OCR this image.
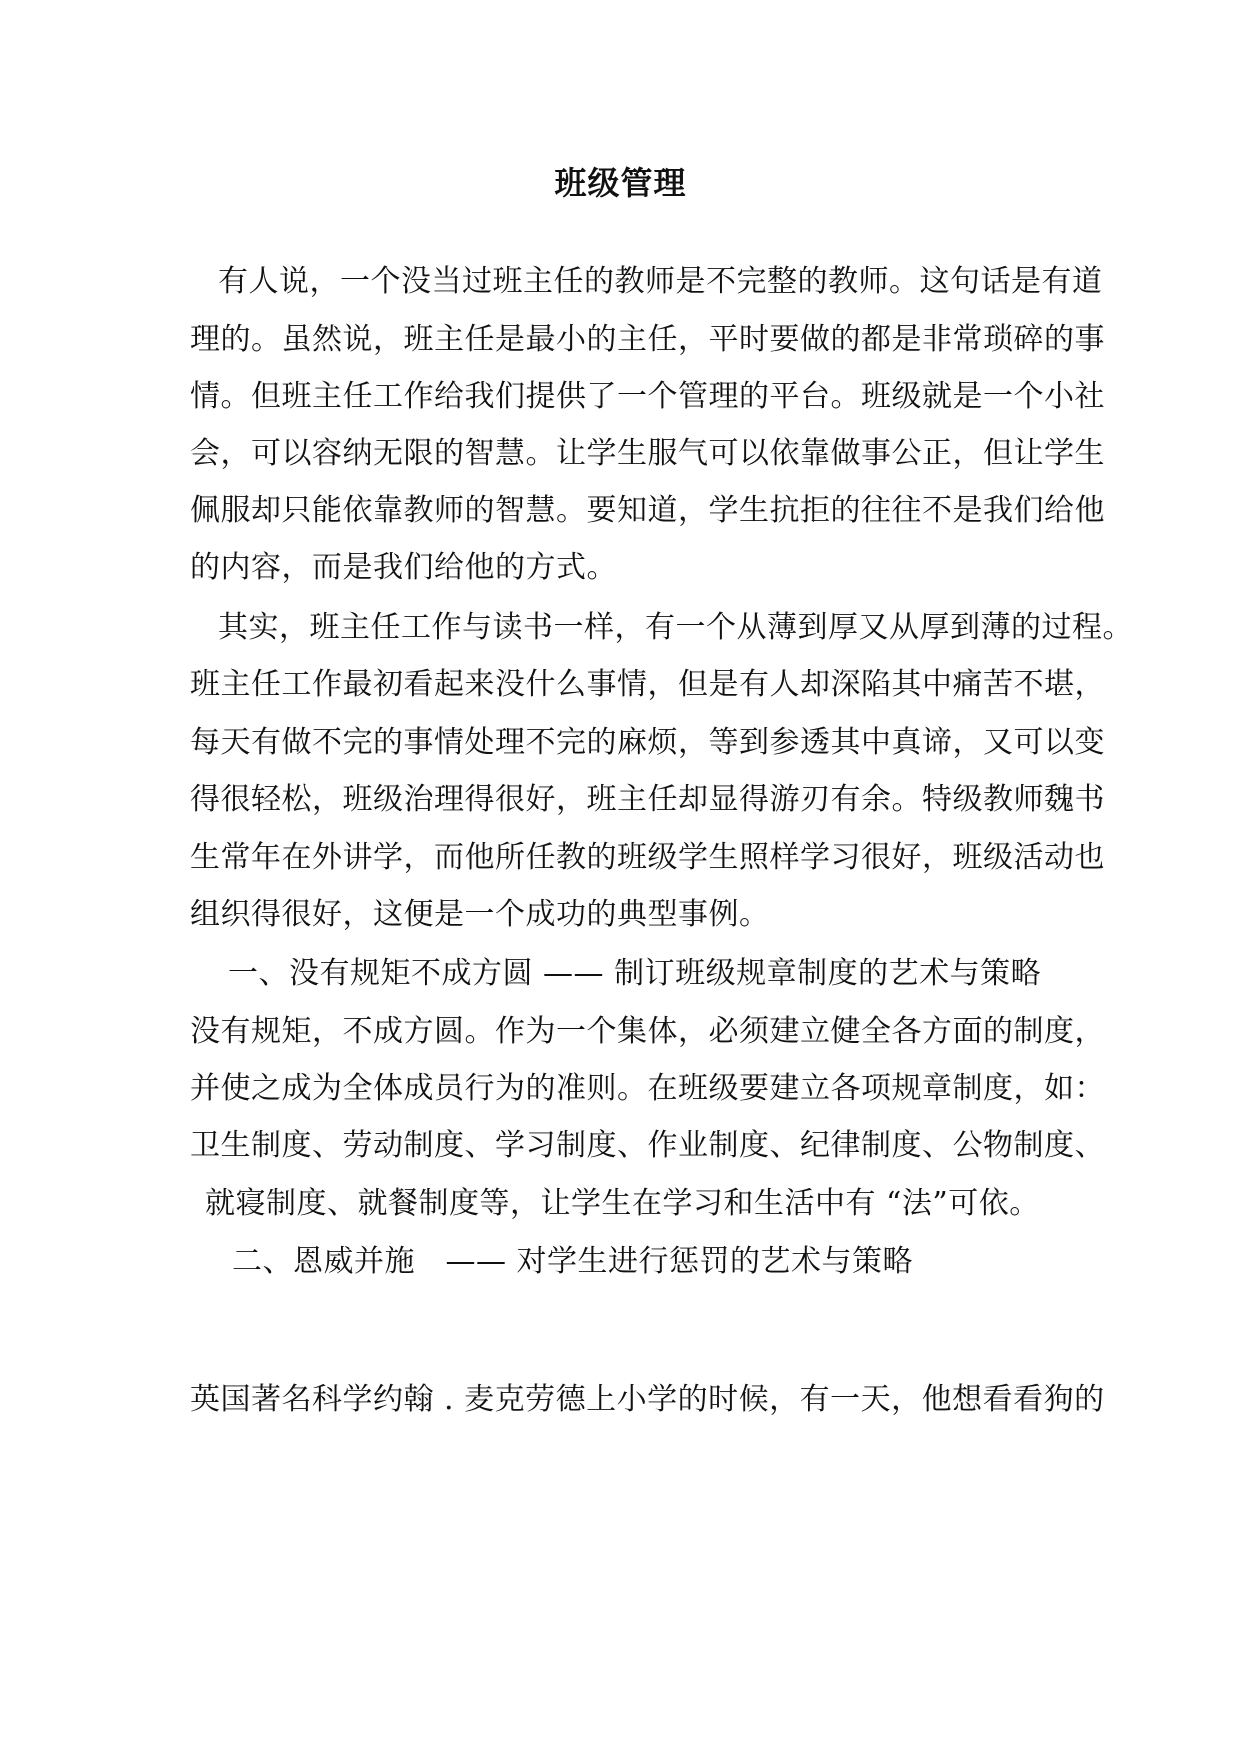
班级管理
有人说，一个没当过班主任的教师是不完整的教师。这句话是有道
理的。虽然说，班主任是最小的主任，平时要做的都是非常琐碎的事
情。但班主任工作给我们提供了一个管理的平台。班级就是一个小社
会，可以容纳无限的智慧。让学生服气可以依靠做事公正，但让学生
佩服却只能依靠教师的智慧。要知道，学生抗拒的往往不是我们给他
的内容，而是我们给他的方式。
其实，班主任工作与读书一样，有一个从薄到厚又从厚到薄的过程。
班主任工作最初看起来没什么事情，但是有人却深陷其中痛苦不堪，
每天有做不完的事情处理不完的麻烦，等到参透其中真谛，又可以变
得很轻松，班级治理得很好，班主任却显得游刃有余。特级教师魏书
生常年在外讲学，而他所任教的班级学生照样学习很好，班级活动也
组织得很好，这便是一个成功的典型事例。
一、没有规矩不成方圆 —— 制订班级规章制度的艺术与策略
没有规矩，不成方圆。作为一个集体，必须建立健全各方面的制度，
并使之成为全体成员行为的准则。在班级要建立各项规章制度，如：
卫生制度、劳动制度、学习制度、作业制度、纪律制度、公物制度、
就寝制度、就餐制度等，让学生在学习和生活中有 “法”可依。
二、恩威并施　—— 对学生进行惩罚的艺术与策略
英国著名科学约翰 . 麦克劳德上小学的时候，有一天，他想看看狗的
